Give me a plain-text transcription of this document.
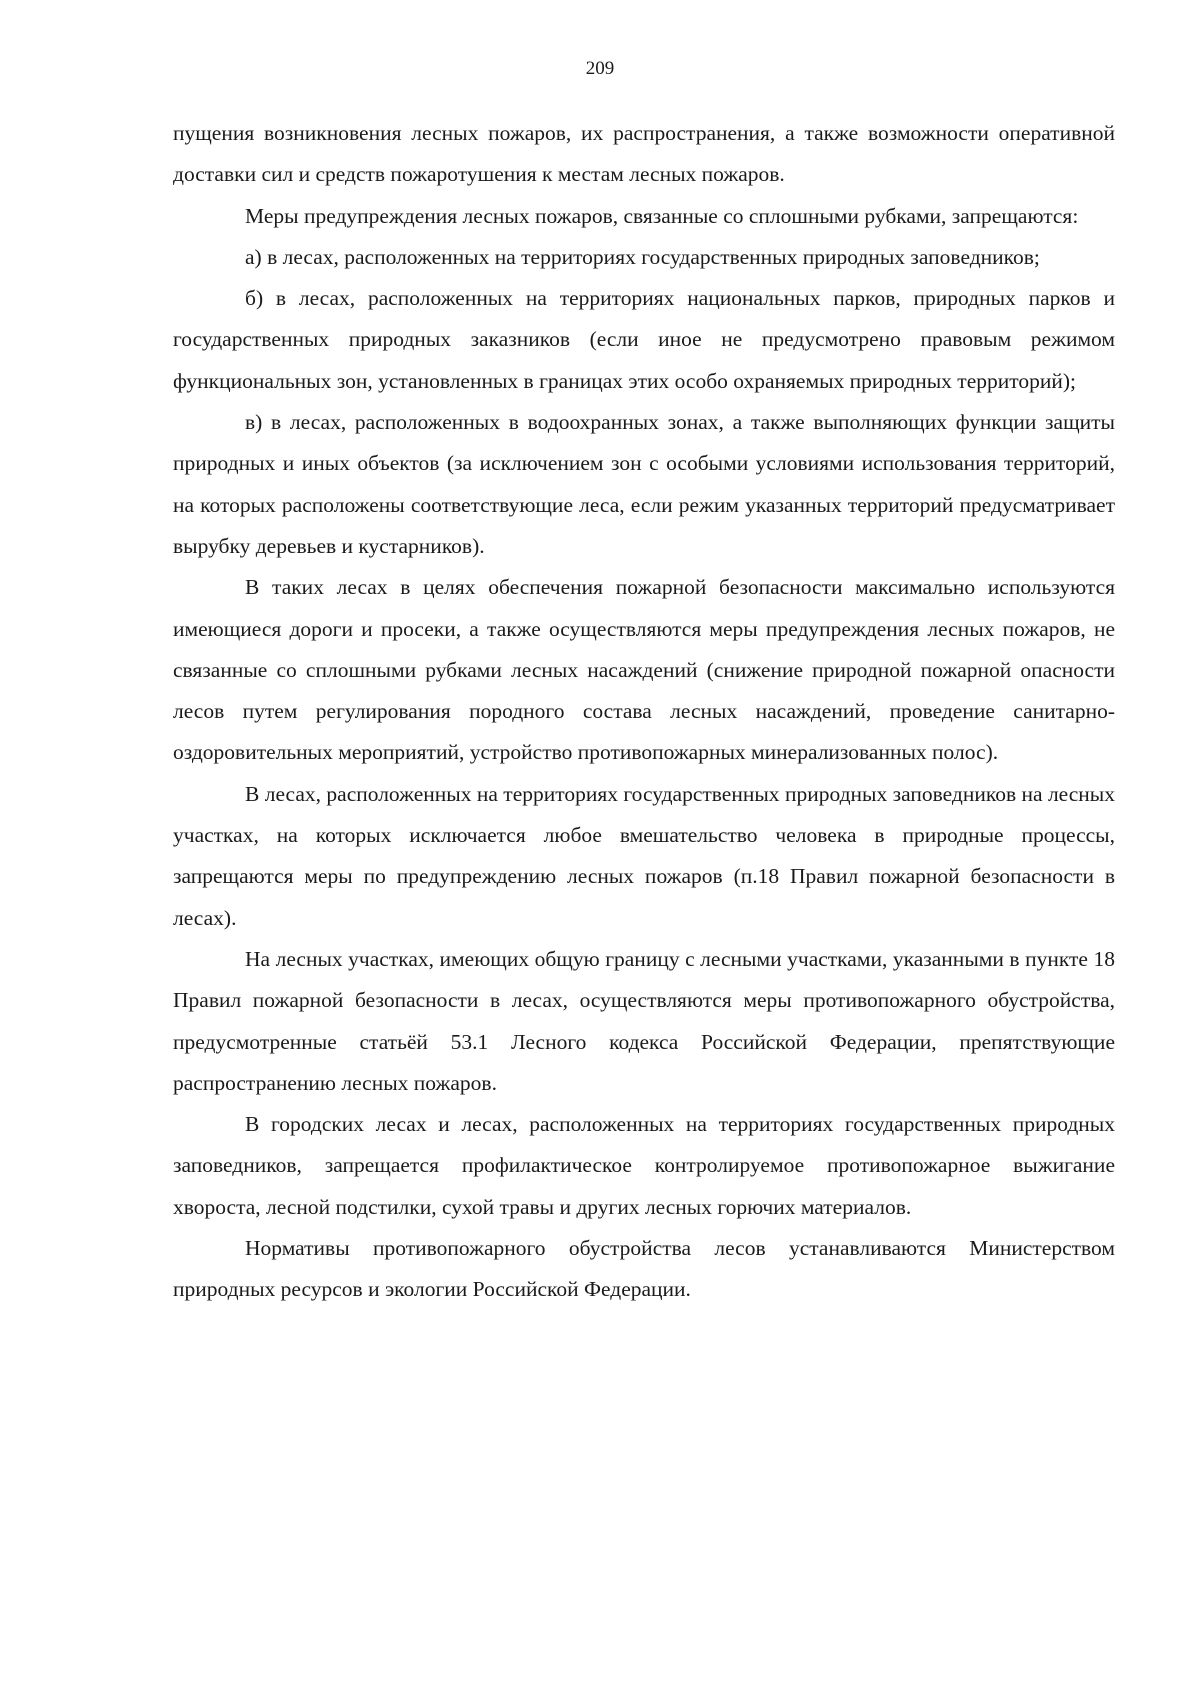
209

пущения возникновения лесных пожаров, их распространения, а также возможности оперативной доставки сил и средств пожаротушения к местам лесных пожаров.

Меры предупреждения лесных пожаров, связанные со сплошными рубками, запрещаются:

а) в лесах, расположенных на территориях государственных природных заповедников;

б) в лесах, расположенных на территориях национальных парков, природных парков и государственных природных заказников (если иное не предусмотрено правовым режимом функциональных зон, установленных в границах этих особо охраняемых природных территорий);

в) в лесах, расположенных в водоохранных зонах, а также выполняющих функции защиты природных и иных объектов (за исключением зон с особыми условиями использования территорий, на которых расположены соответствующие леса, если режим указанных территорий предусматривает вырубку деревьев и кустарников).

В таких лесах в целях обеспечения пожарной безопасности максимально используются имеющиеся дороги и просеки, а также осуществляются меры предупреждения лесных пожаров, не связанные со сплошными рубками лесных насаждений (снижение природной пожарной опасности лесов путем регулирования породного состава лесных насаждений, проведение санитарно-оздоровительных мероприятий, устройство противопожарных минерализованных полос).

В лесах, расположенных на территориях государственных природных заповедников на лесных участках, на которых исключается любое вмешательство человека в природные процессы, запрещаются меры по предупреждению лесных пожаров (п.18 Правил пожарной безопасности в лесах).

На лесных участках, имеющих общую границу с лесными участками, указанными в пункте 18 Правил пожарной безопасности в лесах, осуществляются меры противопожарного обустройства, предусмотренные статьёй 53.1 Лесного кодекса Российской Федерации, препятствующие распространению лесных пожаров.

В городских лесах и лесах, расположенных на территориях государственных природных заповедников, запрещается профилактическое контролируемое противопожарное выжигание хвороста, лесной подстилки, сухой травы и других лесных горючих материалов.

Нормативы противопожарного обустройства лесов устанавливаются Министерством природных ресурсов и экологии Российской Федерации.
